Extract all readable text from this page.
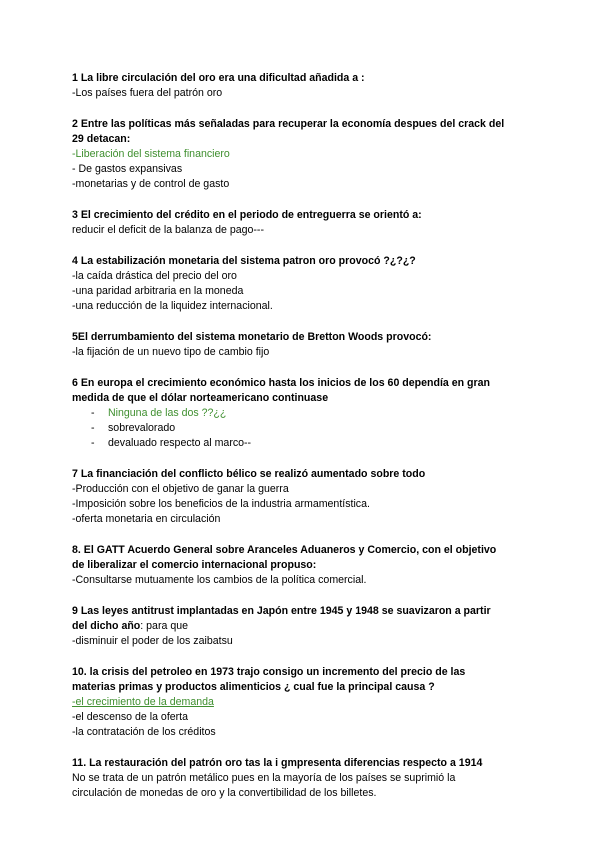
1 La libre circulación del oro era una dificultad añadida a :
-Los países fuera del patrón oro
2 Entre las políticas más señaladas para recuperar la economía despues del crack del
29 detacan:
-Liberación del sistema financiero
- De gastos expansivas
-monetarias y de control de gasto
3 El crecimiento del crédito en el periodo de entreguerra se orientó a:
reducir el deficit de la balanza de pago---
4 La estabilización monetaria del sistema patron oro provocó ?¿?¿?
-la caída drástica del precio del oro
-una paridad arbitraria en la moneda
-una reducción de la liquidez internacional.
5El derrumbamiento del sistema monetario de Bretton Woods provocó:
-la fijación de un nuevo tipo de cambio fijo
6 En europa el crecimiento económico hasta los inicios de los 60 dependía en gran
medida de que el dólar norteamericano continuase
- Ninguna de las dos ??¿¿
- sobrevalorado
- devaluado respecto al marco--
7 La financiación del conflicto bélico se realizó aumentado sobre todo
-Producción con el objetivo de ganar la guerra
-Imposición sobre los beneficios de la industria armamentística.
-oferta monetaria en circulación
8. El GATT Acuerdo General sobre Aranceles Aduaneros y Comercio, con el objetivo
de liberalizar el comercio internacional propuso:
-Consultarse mutuamente los cambios de la política comercial.
9 Las leyes antitrust implantadas en Japón entre 1945 y 1948 se suavizaron a partir
del dicho año: para que
-disminuir el poder de los zaibatsu
10. la crisis del petroleo en 1973 trajo consigo un incremento del precio de las
materias primas y productos alimenticios ¿ cual fue la principal causa ?
-el crecimiento de la demanda
-el descenso de la oferta
-la contratación de los créditos
11. La restauración del patrón oro tas la i gmpresenta diferencias respecto a 1914
No se trata de un patrón metálico pues en la mayoría de los países se suprimió la
circulación de monedas de oro y la convertibilidad de los billetes.
